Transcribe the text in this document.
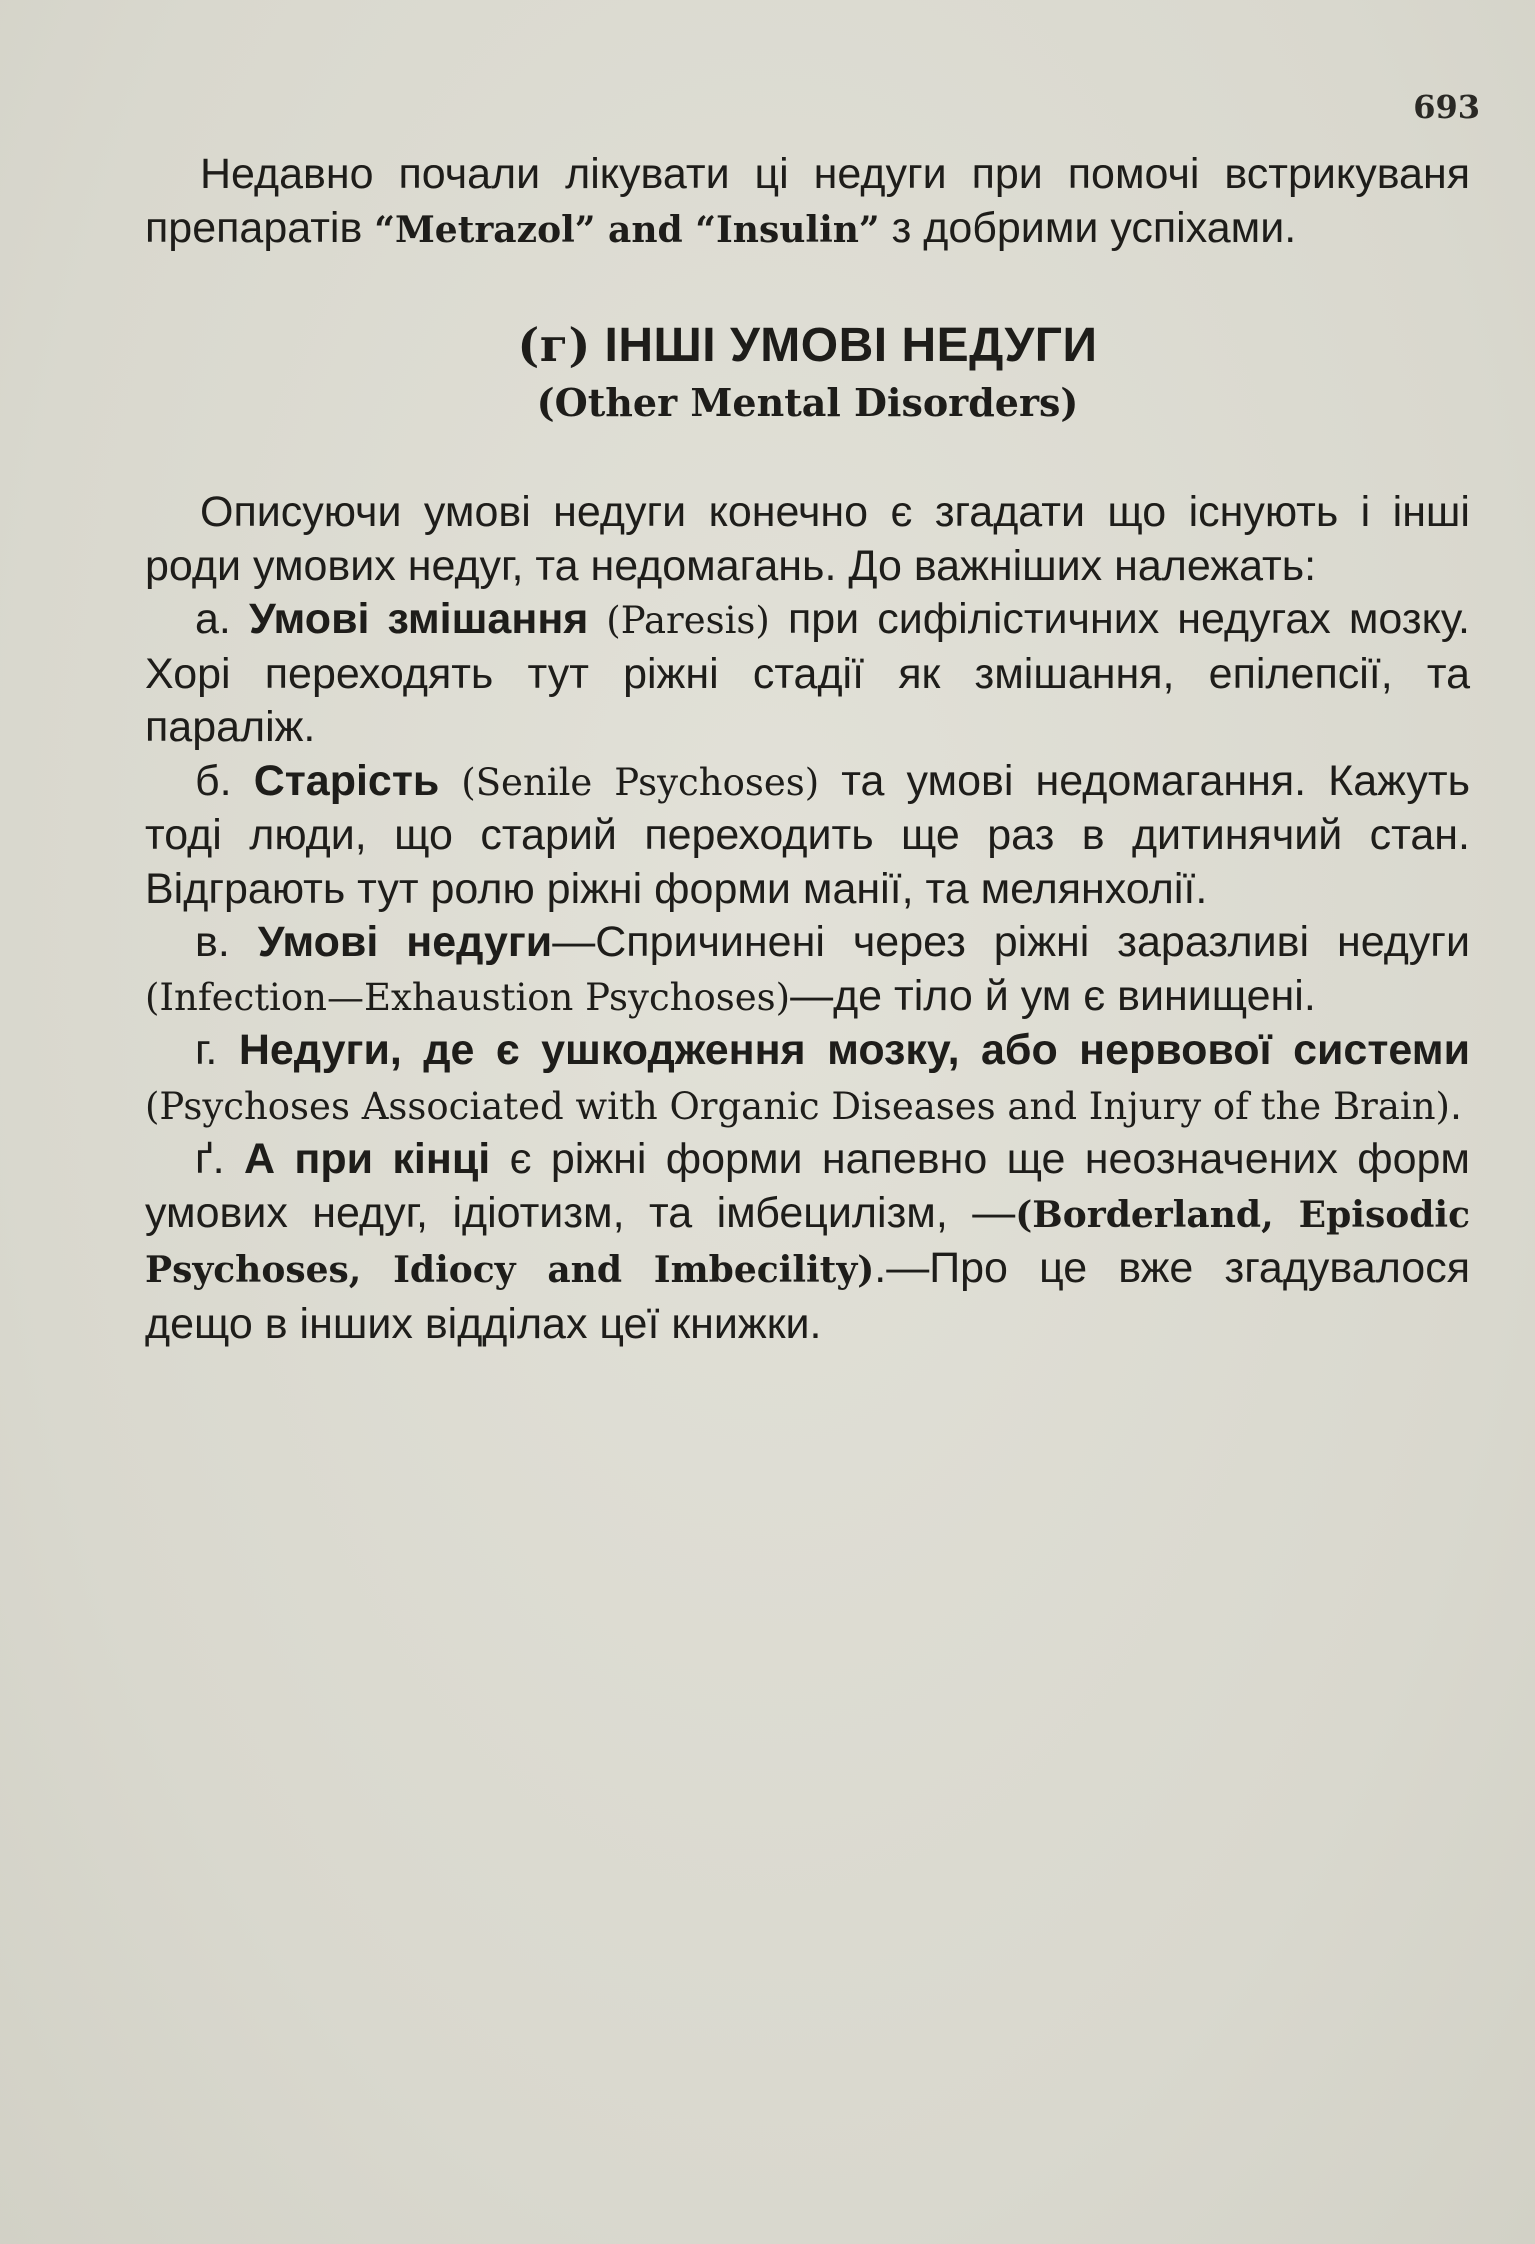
693

Недавно почали лікувати ці недуги при помочі встрикуваня препаратів “Metrazol” and “Insulin” з добрими успіхами.

(г) ІНШІ УМОВІ НЕДУГИ
(Other Mental Disorders)

Описуючи умові недуги конечно є згадати що існують і інші роди умових недуг, та недомагань. До важніших належать:

а. Умові змішання (Paresis) при сифілістичних недугах мозку. Хорі переходять тут ріжні стадії як змішання, епілепсії, та параліж.

б. Старість (Senile Psychoses) та умові недомагання. Кажуть тоді люди, що старий переходить ще раз в дитинячий стан. Відграють тут ролю ріжні форми манії, та мелянхолії.

в. Умові недуги—Спричинені через ріжні заразливі недуги (Infection—Exhaustion Psychoses)—де тіло й ум є винищені.

г. Недуги, де є ушкодження мозку, або нервової системи (Psychoses Associated with Organic Diseases and Injury of the Brain).

ґ. А при кінці є ріжні форми напевно ще неозначених форм умових недуг, ідіотизм, та імбецилізм, —(Borderland, Episodic Psychoses, Idiocy and Imbecility).—Про це вже згадувалося дещо в інших відділах цеї книжки.
